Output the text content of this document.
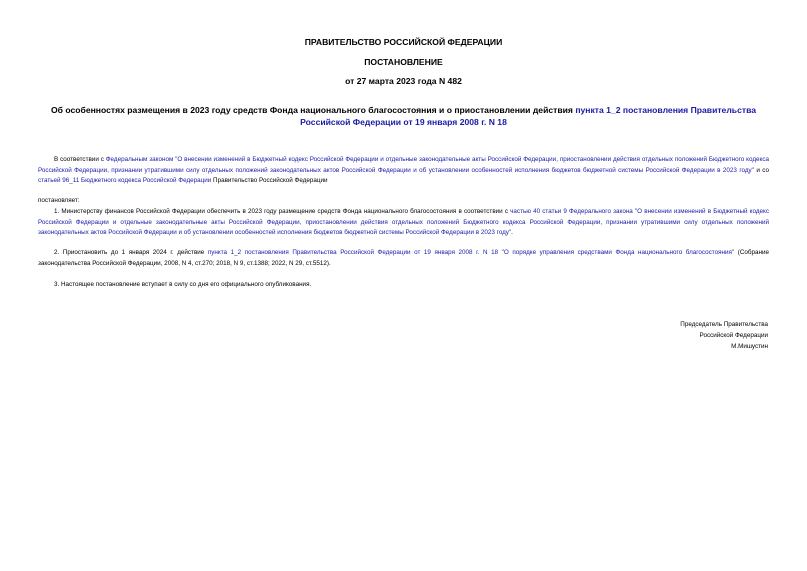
ПРАВИТЕЛЬСТВО РОССИЙСКОЙ ФЕДЕРАЦИИ
ПОСТАНОВЛЕНИЕ
от 27 марта 2023 года N 482
Об особенностях размещения в 2023 году средств Фонда национального благосостояния и о приостановлении действия пункта 1_2 постановления Правительства Российской Федерации от 19 января 2008 г. N 18
В соответствии с Федеральным законом "О внесении изменений в Бюджетный кодекс Российской Федерации и отдельные законодательные акты Российской Федерации, приостановлении действия отдельных положений Бюджетного кодекса Российской Федерации, признании утратившими силу отдельных положений законодательных актов Российской Федерации и об установлении особенностей исполнения бюджетов бюджетной системы Российской Федерации в 2023 году" и со статьей 96_11 Бюджетного кодекса Российской Федерации Правительство Российской Федерации
постановляет:
1. Министерству финансов Российской Федерации обеспечить в 2023 году размещение средств Фонда национального благосостояния в соответствии с частью 40 статьи 9 Федерального закона "О внесении изменений в Бюджетный кодекс Российской Федерации и отдельные законодательные акты Российской Федерации, приостановлении действия отдельных положений Бюджетного кодекса Российской Федерации, признании утратившими силу отдельных положений законодательных актов Российской Федерации и об установлении особенностей исполнения бюджетов бюджетной системы Российской Федерации в 2023 году".
2. Приостановить до 1 января 2024 г. действие пункта 1_2 постановления Правительства Российской Федерации от 19 января 2008 г. N 18 "О порядке управления средствами Фонда национального благосостояния" (Собрание законодательства Российской Федерации, 2008, N 4, ст.270; 2018, N 9, ст.1388; 2022, N 29, ст.5512).
3. Настоящее постановление вступает в силу со дня его официального опубликования.
Председатель Правительства
Российской Федерации
М.Мишустин
